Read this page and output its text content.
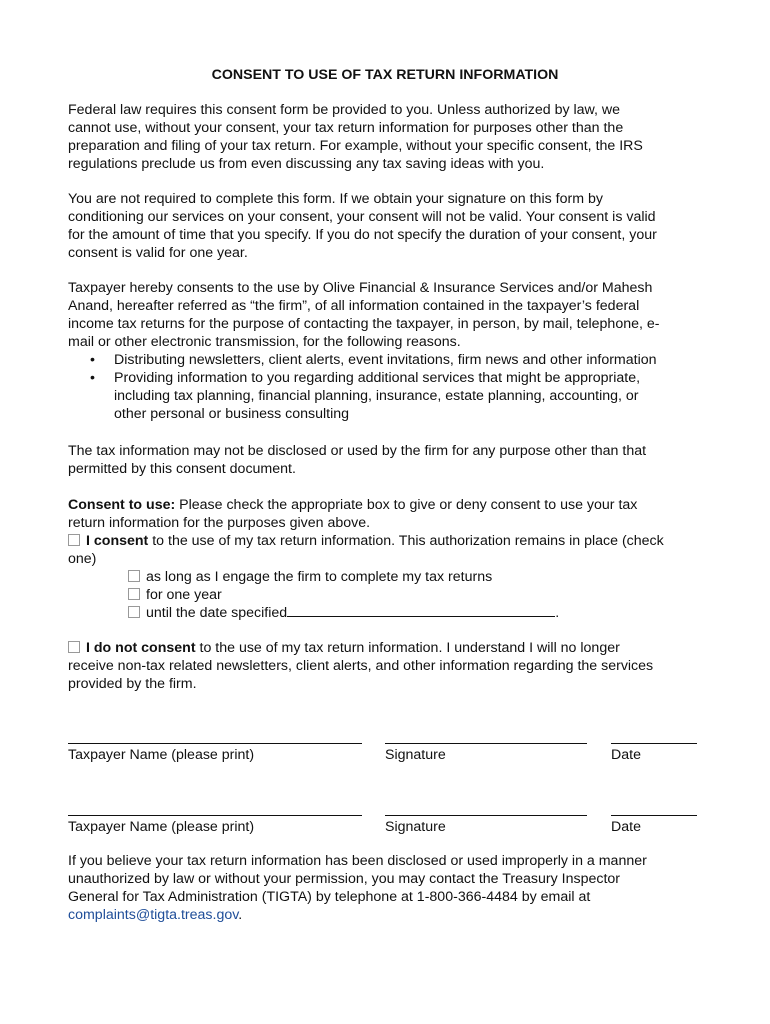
CONSENT TO USE OF TAX RETURN INFORMATION
Federal law requires this consent form be provided to you. Unless authorized by law, we
cannot use, without your consent, your tax return information for purposes other than the
preparation and filing of your tax return. For example, without your specific consent, the IRS
regulations preclude us from even discussing any tax saving ideas with you.
You are not required to complete this form. If we obtain your signature on this form by
conditioning our services on your consent, your consent will not be valid. Your consent is valid
for the amount of time that you specify. If you do not specify the duration of your consent, your
consent is valid for one year.
Taxpayer hereby consents to the use by Olive Financial & Insurance Services and/or Mahesh
Anand, hereafter referred as “the firm”, of all information contained in the taxpayer’s federal
income tax returns for the purpose of contacting the taxpayer, in person, by mail, telephone, e-
mail or other electronic transmission, for the following reasons.
• Distributing newsletters, client alerts, event invitations, firm news and other information
• Providing information to you regarding additional services that might be appropriate,
including tax planning, financial planning, insurance, estate planning, accounting, or
other personal or business consulting
The tax information may not be disclosed or used by the firm for any purpose other than that
permitted by this consent document.
Consent to use: Please check the appropriate box to give or deny consent to use your tax
return information for the purposes given above.
I consent to the use of my tax return information. This authorization remains in place (check
one)
as long as I engage the firm to complete my tax returns
for one year
until the date specified	.
I do not consent to the use of my tax return information. I understand I will no longer
receive non-tax related newsletters, client alerts, and other information regarding the services
provided by the firm.
Taxpayer Name (please print)	Signature	Date
Taxpayer Name (please print)	Signature	Date
If you believe your tax return information has been disclosed or used improperly in a manner
unauthorized by law or without your permission, you may contact the Treasury Inspector
General for Tax Administration (TIGTA) by telephone at 1-800-366-4484 by email at
complaints@tigta.treas.gov.
